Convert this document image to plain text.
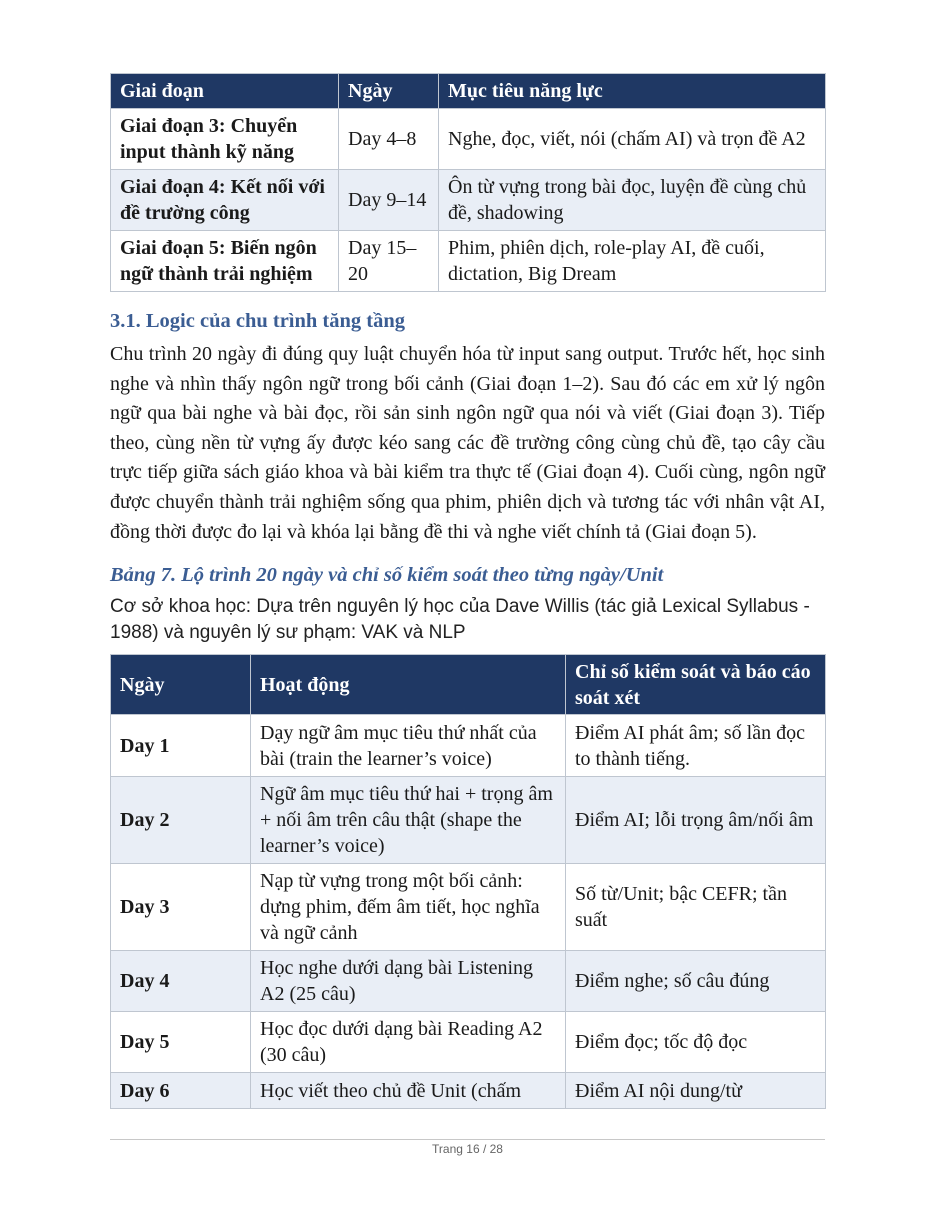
Giai đoạn	Ngày	Mục tiêu năng lực
Giai đoạn 3: Chuyển input thành kỹ năng	Day 4–8	Nghe, đọc, viết, nói (chấm AI) và trọn đề A2
Giai đoạn 4: Kết nối với đề trường công	Day 9–14	Ôn từ vựng trong bài đọc, luyện đề cùng chủ đề, shadowing
Giai đoạn 5: Biến ngôn ngữ thành trải nghiệm	Day 15–20	Phim, phiên dịch, role-play AI, đề cuối, dictation, Big Dream
3.1. Logic của chu trình tăng tầng

Chu trình 20 ngày đi đúng quy luật chuyển hóa từ input sang output. Trước hết, học sinh nghe và nhìn thấy ngôn ngữ trong bối cảnh (Giai đoạn 1–2). Sau đó các em xử lý ngôn ngữ qua bài nghe và bài đọc, rồi sản sinh ngôn ngữ qua nói và viết (Giai đoạn 3). Tiếp theo, cùng nền từ vựng ấy được kéo sang các đề trường công cùng chủ đề, tạo cây cầu trực tiếp giữa sách giáo khoa và bài kiểm tra thực tế (Giai đoạn 4). Cuối cùng, ngôn ngữ được chuyển thành trải nghiệm sống qua phim, phiên dịch và tương tác với nhân vật AI, đồng thời được đo lại và khóa lại bằng đề thi và nghe viết chính tả (Giai đoạn 5).

Bảng 7. Lộ trình 20 ngày và chỉ số kiểm soát theo từng ngày/Unit

Cơ sở khoa học: Dựa trên nguyên lý học của Dave Willis (tác giả Lexical Syllabus - 1988) và nguyên lý sư phạm: VAK và NLP

Ngày	Hoạt động	Chỉ số kiểm soát và báo cáo soát xét
Day 1	Dạy ngữ âm mục tiêu thứ nhất của bài (train the learner’s voice)	Điểm AI phát âm; số lần đọc to thành tiếng.
Day 2	Ngữ âm mục tiêu thứ hai + trọng âm + nối âm trên câu thật (shape the learner’s voice)	Điểm AI; lỗi trọng âm/nối âm
Day 3	Nạp từ vựng trong một bối cảnh: dựng phim, đếm âm tiết, học nghĩa và ngữ cảnh	Số từ/Unit; bậc CEFR; tần suất
Day 4	Học nghe dưới dạng bài Listening A2 (25 câu)	Điểm nghe; số câu đúng
Day 5	Học đọc dưới dạng bài Reading A2 (30 câu)	Điểm đọc; tốc độ đọc
Day 6	Học viết theo chủ đề Unit (chấm	Điểm AI nội dung/từ
Trang 16 / 28
